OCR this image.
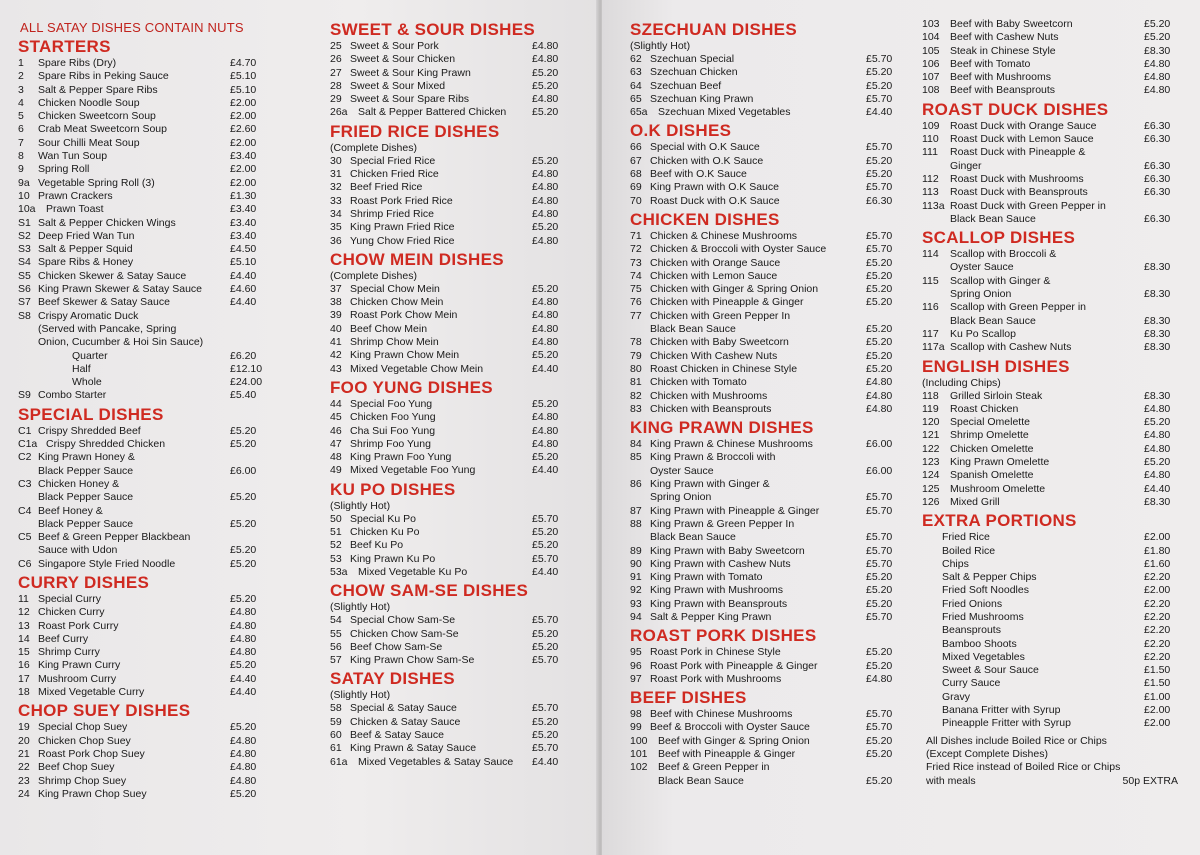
ALL SATAY DISHES CONTAIN NUTS
STARTERS
1	Spare Ribs (Dry)	£4.70
2	Spare Ribs in Peking Sauce	£5.10
3	Salt & Pepper Spare Ribs	£5.10
4	Chicken Noodle Soup	£2.00
5	Chicken Sweetcorn Soup	£2.00
6	Crab Meat Sweetcorn Soup	£2.60
7	Sour Chilli Meat Soup	£2.00
8	Wan Tun Soup	£3.40
9	Spring Roll	£2.00
9a Vegetable Spring Roll (3)	£2.00
10 Prawn Crackers	£1.30
10a Prawn Toast	£3.40
S1 Salt & Pepper Chicken Wings	£3.40
S2 Deep Fried Wan Tun	£3.40
S3 Salt & Pepper Squid	£4.50
S4 Spare Ribs & Honey	£5.10
S5 Chicken Skewer & Satay Sauce	£4.40
S6 King Prawn Skewer & Satay Sauce	£4.60
S7 Beef Skewer & Satay Sauce	£4.40
S8 Crispy Aromatic Duck
(Served with Pancake, Spring
Onion, Cucumber & Hoi Sin Sauce)
Quarter	£6.20
Half	£12.10
Whole	£24.00
S9 Combo Starter	£5.40
SPECIAL DISHES
C1 Crispy Shredded Beef	£5.20
C1a Crispy Shredded Chicken	£5.20
C2 King Prawn Honey &
Black Pepper Sauce	£6.00
C3 Chicken Honey &
Black Pepper Sauce	£5.20
C4 Beef Honey &
Black Pepper Sauce	£5.20
C5 Beef & Green Pepper Blackbean
Sauce with Udon	£5.20
C6 Singapore Style Fried Noodle	£5.20
CURRY DISHES
11 Special Curry	£5.20
12 Chicken Curry	£4.80
13 Roast Pork Curry	£4.80
14 Beef Curry	£4.80
15 Shrimp Curry	£4.80
16 King Prawn Curry	£5.20
17 Mushroom Curry	£4.40
18 Mixed Vegetable Curry	£4.40
CHOP SUEY DISHES
19 Special Chop Suey	£5.20
20 Chicken Chop Suey	£4.80
21 Roast Pork Chop Suey	£4.80
22 Beef Chop Suey	£4.80
23 Shrimp Chop Suey	£4.80
24 King Prawn Chop Suey	£5.20
SWEET & SOUR DISHES
25 Sweet & Sour Pork	£4.80
26 Sweet & Sour Chicken	£4.80
27 Sweet & Sour King Prawn	£5.20
28 Sweet & Sour Mixed	£5.20
29 Sweet & Sour Spare Ribs	£4.80
26a Salt & Pepper Battered Chicken	£5.20
FRIED RICE DISHES
(Complete Dishes)
30 Special Fried Rice	£5.20
31 Chicken Fried Rice	£4.80
32 Beef Fried Rice	£4.80
33 Roast Pork Fried Rice	£4.80
34 Shrimp Fried Rice	£4.80
35 King Prawn Fried Rice	£5.20
36 Yung Chow Fried Rice	£4.80
CHOW MEIN DISHES
(Complete Dishes)
37 Special Chow Mein	£5.20
38 Chicken Chow Mein	£4.80
39 Roast Pork Chow Mein	£4.80
40 Beef Chow Mein	£4.80
41 Shrimp Chow Mein	£4.80
42 King Prawn Chow Mein	£5.20
43 Mixed Vegetable Chow Mein	£4.40
FOO YUNG DISHES
44 Special Foo Yung	£5.20
45 Chicken Foo Yung	£4.80
46 Cha Sui Foo Yung	£4.80
47 Shrimp Foo Yung	£4.80
48 King Prawn Foo Yung	£5.20
49 Mixed Vegetable Foo Yung	£4.40
KU PO DISHES
(Slightly Hot)
50 Special Ku Po	£5.70
51 Chicken Ku Po	£5.20
52 Beef Ku Po	£5.20
53 King Prawn Ku Po	£5.70
53a Mixed Vegetable Ku Po	£4.40
CHOW SAM-SE DISHES
(Slightly Hot)
54 Special Chow Sam-Se	£5.70
55 Chicken Chow Sam-Se	£5.20
56 Beef Chow Sam-Se	£5.20
57 King Prawn Chow Sam-Se	£5.70
SATAY DISHES
(Slightly Hot)
58 Special & Satay Sauce	£5.70
59 Chicken & Satay Sauce	£5.20
60 Beef & Satay Sauce	£5.20
61 King Prawn & Satay Sauce	£5.70
61a Mixed Vegetables & Satay Sauce	£4.40
SZECHUAN DISHES
(Slightly Hot)
62 Szechuan Special	£5.70
63 Szechuan Chicken	£5.20
64 Szechuan Beef	£5.20
65 Szechuan King Prawn	£5.70
65a Szechuan Mixed Vegetables	£4.40
O.K DISHES
66 Special with O.K Sauce	£5.70
67 Chicken with O.K Sauce	£5.20
68 Beef with O.K Sauce	£5.20
69 King Prawn with O.K Sauce	£5.70
70 Roast Duck with O.K Sauce	£6.30
CHICKEN DISHES
71 Chicken & Chinese Mushrooms	£5.70
72 Chicken & Broccoli with Oyster Sauce	£5.70
73 Chicken with Orange Sauce	£5.20
74 Chicken with Lemon Sauce	£5.20
75 Chicken with Ginger & Spring Onion	£5.20
76 Chicken with Pineapple & Ginger	£5.20
77 Chicken with Green Pepper In
Black Bean Sauce	£5.20
78 Chicken with Baby Sweetcorn	£5.20
79 Chicken With Cashew Nuts	£5.20
80 Roast Chicken in Chinese Style	£5.20
81 Chicken with Tomato	£4.80
82 Chicken with Mushrooms	£4.80
83 Chicken with Beansprouts	£4.80
KING PRAWN DISHES
84 King Prawn & Chinese Mushrooms	£6.00
85 King Prawn & Broccoli with
Oyster Sauce	£6.00
86 King Prawn with Ginger &
Spring Onion	£5.70
87 King Prawn with Pineapple & Ginger	£5.70
88 King Prawn & Green Pepper In
Black Bean Sauce	£5.70
89 King Prawn with Baby Sweetcorn	£5.70
90 King Prawn with Cashew Nuts	£5.70
91 King Prawn with Tomato	£5.20
92 King Prawn with Mushrooms	£5.20
93 King Prawn with Beansprouts	£5.20
94 Salt & Pepper King Prawn	£5.70
ROAST PORK DISHES
95 Roast Pork in Chinese Style	£5.20
96 Roast Pork with Pineapple & Ginger	£5.20
97 Roast Pork with Mushrooms	£4.80
BEEF DISHES
98 Beef with Chinese Mushrooms	£5.70
99 Beef & Broccoli with Oyster Sauce	£5.70
100 Beef with Ginger & Spring Onion	£5.20
101 Beef with Pineapple & Ginger	£5.20
102 Beef & Green Pepper in
Black Bean Sauce	£5.20
103 Beef with Baby Sweetcorn	£5.20
104 Beef with Cashew Nuts	£5.20
105 Steak in Chinese Style	£8.30
106 Beef with Tomato	£4.80
107 Beef with Mushrooms	£4.80
108 Beef with Beansprouts	£4.80
ROAST DUCK DISHES
109 Roast Duck with Orange Sauce	£6.30
110	Roast Duck with Lemon Sauce	£6.30
111	Roast Duck with Pineapple &
Ginger	£6.30
112	Roast Duck with Mushrooms	£6.30
113	Roast Duck with Beansprouts	£6.30
113a Roast Duck with Green Pepper in
Black Bean Sauce	£6.30
SCALLOP DISHES
114	Scallop with Broccoli &
Oyster Sauce	£8.30
115	Scallop with Ginger &
Spring Onion	£8.30
116	Scallop with Green Pepper in
Black Bean Sauce	£8.30
117	Ku Po Scallop	£8.30
117a Scallop with Cashew Nuts	£8.30
ENGLISH DISHES
(Including Chips)
118	Grilled Sirloin Steak	£8.30
119	Roast Chicken	£4.80
120 Special Omelette	£5.20
121 Shrimp Omelette	£4.80
122 Chicken Omelette	£4.80
123 King Prawn Omelette	£5.20
124 Spanish Omelette	£4.80
125 Mushroom Omelette	£4.40
126 Mixed Grill	£8.30
EXTRA PORTIONS
Fried Rice	£2.00
Boiled Rice	£1.80
Chips	£1.60
Salt & Pepper Chips	£2.20
Fried Soft Noodles	£2.00
Fried Onions	£2.20
Fried Mushrooms	£2.20
Beansprouts	£2.20
Bamboo Shoots	£2.20
Mixed Vegetables	£2.20
Sweet & Sour Sauce	£1.50
Curry Sauce	£1.50
Gravy	£1.00
Banana Fritter with Syrup	£2.00
Pineapple Fritter with Syrup	£2.00
All Dishes include Boiled Rice or Chips
(Except Complete Dishes)
Fried Rice instead of Boiled Rice or Chips
with meals	50p EXTRA
